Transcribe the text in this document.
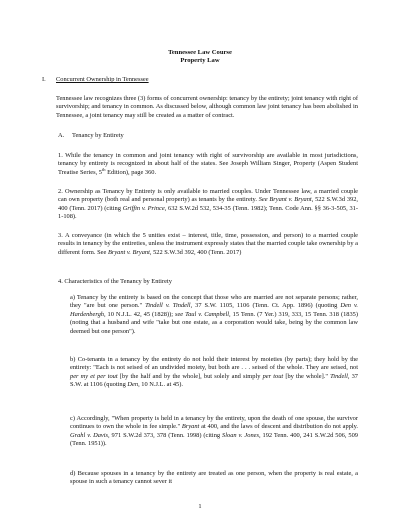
Tennessee Law Course
Property Law
I. Concurrent Ownership in Tennessee

Tennessee law recognizes three (3) forms of concurrent ownership: tenancy by the entirety; joint tenancy with right of survivorship; and tenancy in common. As discussed below, although common law joint tenancy has been abolished in Tennessee, a joint tenancy may still be created as a matter of contract.

A. Tenancy by Entirety

1. While the tenancy in common and joint tenancy with right of survivorship are available in most jurisdictions, tenancy by entirety is recognized in about half of the states. See Joseph William Singer, Property (Aspen Student Treatise Series, 5th Edition), page 360.

2. Ownership as Tenancy by Entirety is only available to married couples. Under Tennessee law, a married couple can own property (both real and personal property) as tenants by the entirety. See Bryant v. Bryant, 522 S.W.3d 392, 400 (Tenn. 2017) (citing Griffin v. Prince, 632 S.W.2d 532, 534-35 (Tenn. 1982); Tenn. Code Ann. §§ 36-3-505, 31-1-108).

3. A conveyance (in which the 5 unities exist – interest, title, time, possession, and person) to a married couple results in tenancy by the entireties, unless the instrument expressly states that the married couple take ownership by a different form. See Bryant v. Bryant, 522 S.W.3d 392, 400 (Tenn. 2017)

4. Characteristics of the Tenancy by Entirety

a) Tenancy by the entirety is based on the concept that those who are married are not separate persons; rather, they "are but one person." Tindell v. Tindell, 37 S.W. 1105, 1106 (Tenn. Ct. App. 1896) (quoting Den v. Hardenbergh, 10 N.J.L. 42, 45 (1828)); see Taul v. Campbell, 15 Tenn. (7 Yer.) 319, 333, 15 Tenn. 318 (1835) (noting that a husband and wife "take but one estate, as a corporation would take, being by the common law deemed but one person").

b) Co-tenants in a tenancy by the entirety do not hold their interest by moieties (by parts); they hold by the entirety: "Each is not seised of an undivided moiety, but both are . . . seised of the whole. They are seised, not per my et per tout [by the half and by the whole], but solely and simply per tout [by the whole]." Tindell, 37 S.W. at 1106 (quoting Den, 10 N.J.L. at 45).

c) Accordingly, "When property is held in a tenancy by the entirety, upon the death of one spouse, the survivor continues to own the whole in fee simple." Bryant at 400, and the laws of descent and distribution do not apply. Grahl v. Davis, 971 S.W.2d 373, 378 (Tenn. 1998) (citing Sloan v. Jones, 192 Tenn. 400, 241 S.W.2d 506, 509 (Tenn. 1951)).

d) Because spouses in a tenancy by the entirety are treated as one person, when the property is real estate, a spouse in such a tenancy cannot sever it

1
